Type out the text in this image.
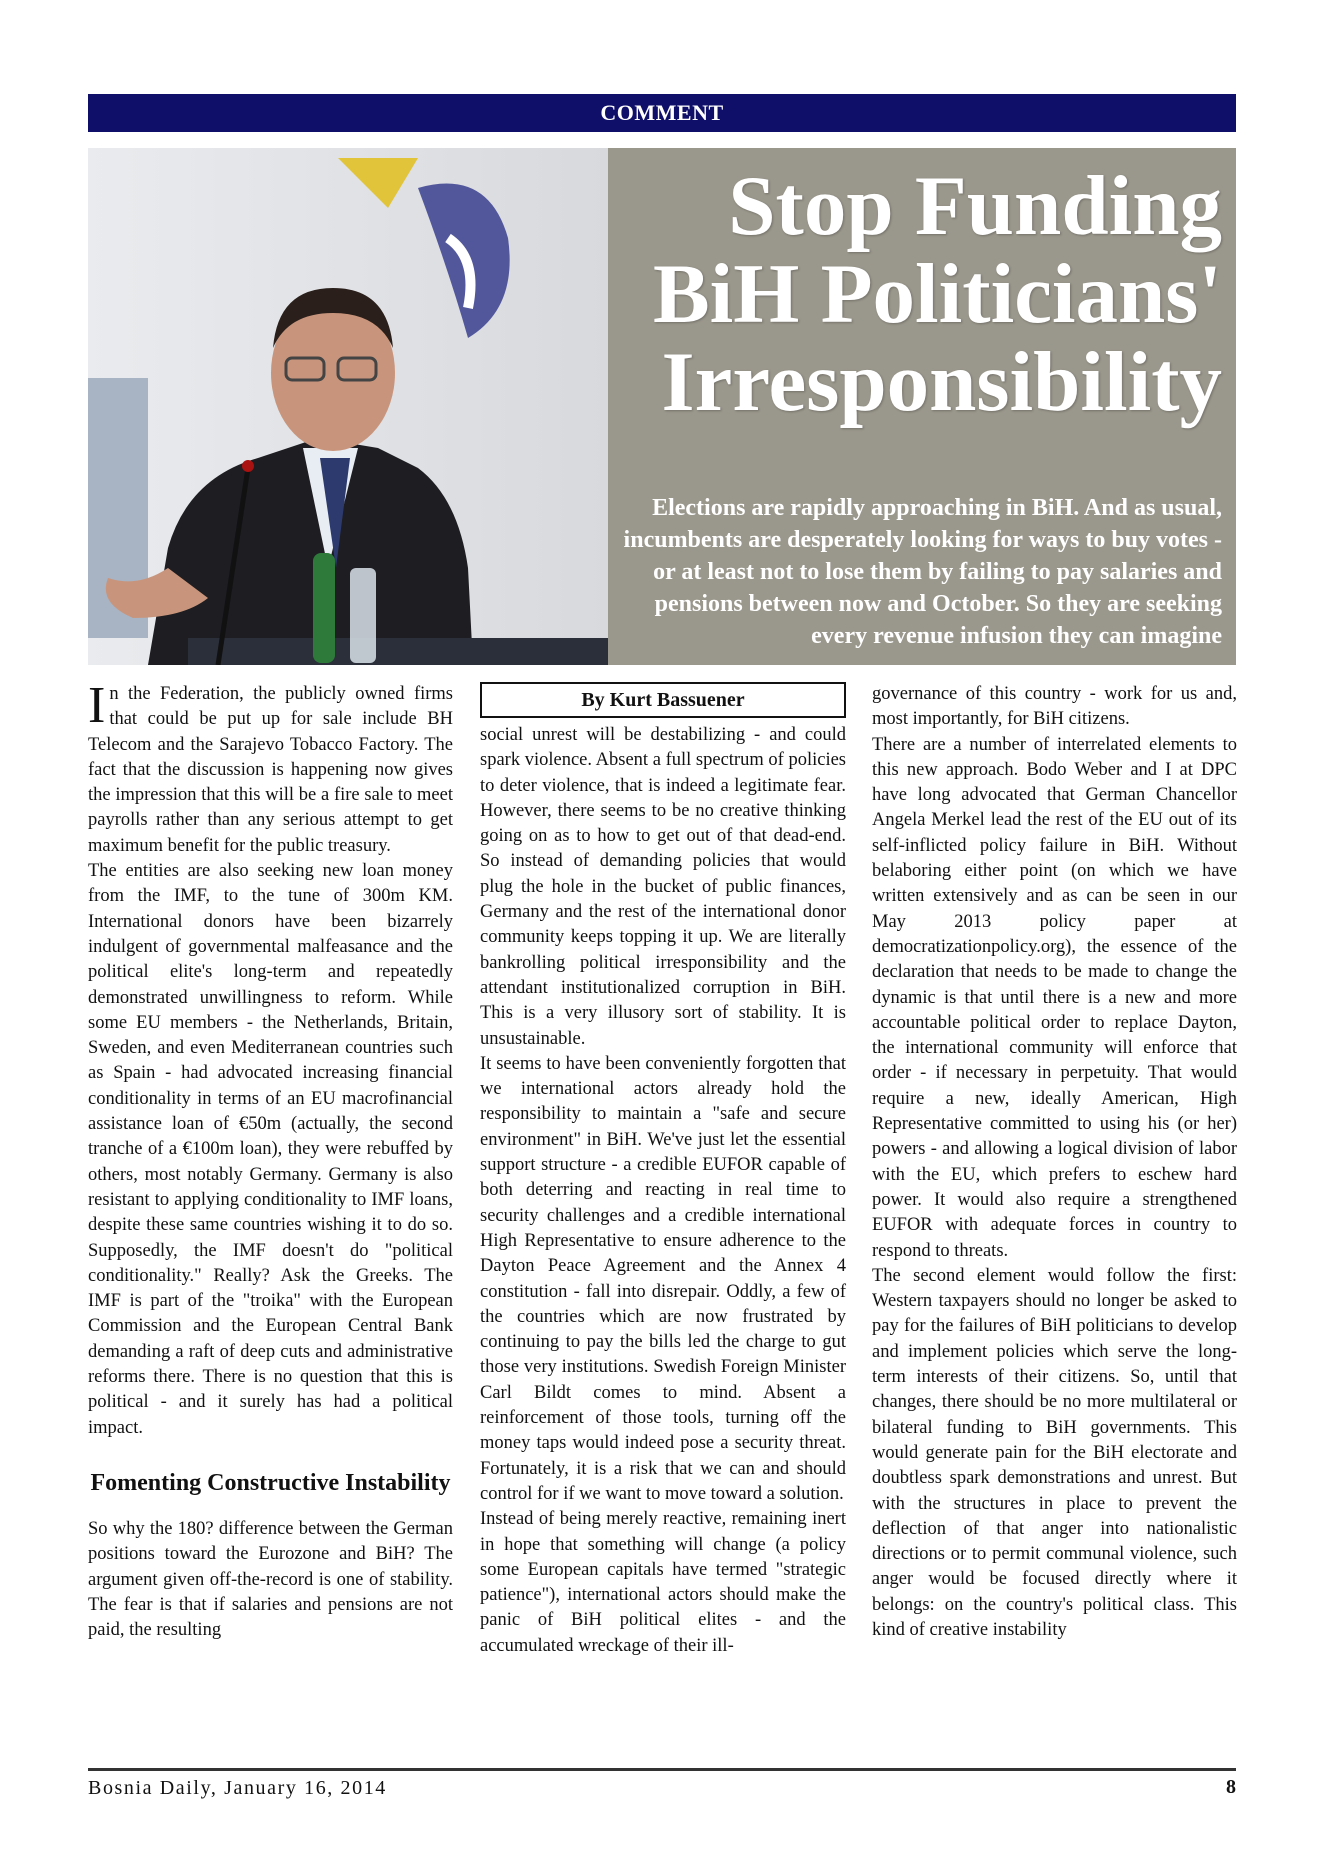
COMMENT
Stop Funding
BiH Politicians'
Irresponsibility
Elections are rapidly approaching in BiH. And as usual,
incumbents are desperately looking for ways to buy votes -
or at least not to lose them by failing to pay salaries and
pensions between now and October. So they are seeking
every revenue infusion they can imagine

In the Federation, the publicly owned firms that could be put up for sale include BH Telecom and the Sarajevo Tobacco Factory. The fact that the discussion is happening now gives the impression that this will be a fire sale to meet payrolls rather than any serious attempt to get maximum benefit for the public treasury.

The entities are also seeking new loan money from the IMF, to the tune of 300m KM. International donors have been bizarrely indulgent of governmental malfeasance and the political elite's long-term and repeatedly demonstrated unwillingness to reform. While some EU members - the Netherlands, Britain, Sweden, and even Mediterranean countries such as Spain - had advocated increasing financial conditionality in terms of an EU macrofinancial assistance loan of €50m (actually, the second tranche of a €100m loan), they were rebuffed by others, most notably Germany. Germany is also resistant to applying conditionality to IMF loans, despite these same countries wishing it to do so. Supposedly, the IMF doesn't do "political conditionality." Really? Ask the Greeks. The IMF is part of the "troika" with the European Commission and the European Central Bank demanding a raft of deep cuts and administrative reforms there. There is no question that this is political - and it surely has had a political impact.

Fomenting Constructive Instability

So why the 180? difference between the German positions toward the Eurozone and BiH? The argument given off-the-record is one of stability. The fear is that if salaries and pensions are not paid, the resulting

By Kurt Bassuener

social unrest will be destabilizing - and could spark violence. Absent a full spectrum of policies to deter violence, that is indeed a legitimate fear. However, there seems to be no creative thinking going on as to how to get out of that dead-end. So instead of demanding policies that would plug the hole in the bucket of public finances, Germany and the rest of the international donor community keeps topping it up. We are literally bankrolling political irresponsibility and the attendant institutionalized corruption in BiH. This is a very illusory sort of stability. It is unsustainable.

It seems to have been conveniently forgotten that we international actors already hold the responsibility to maintain a "safe and secure environment" in BiH. We've just let the essential support structure - a credible EUFOR capable of both deterring and reacting in real time to security challenges and a credible international High Representative to ensure adherence to the Dayton Peace Agreement and the Annex 4 constitution - fall into disrepair. Oddly, a few of the countries which are now frustrated by continuing to pay the bills led the charge to gut those very institutions. Swedish Foreign Minister Carl Bildt comes to mind. Absent a reinforcement of those tools, turning off the money taps would indeed pose a security threat. Fortunately, it is a risk that we can and should control for if we want to move toward a solution.

Instead of being merely reactive, remaining inert in hope that something will change (a policy some European capitals have termed "strategic patience"), international actors should make the panic of BiH political elites - and the accumulated wreckage of their ill-

governance of this country - work for us and, most importantly, for BiH citizens.

There are a number of interrelated elements to this new approach. Bodo Weber and I at DPC have long advocated that German Chancellor Angela Merkel lead the rest of the EU out of its self-inflicted policy failure in BiH. Without belaboring either point (on which we have written extensively and as can be seen in our May 2013 policy paper at democratizationpolicy.org), the essence of the declaration that needs to be made to change the dynamic is that until there is a new and more accountable political order to replace Dayton, the international community will enforce that order - if necessary in perpetuity. That would require a new, ideally American, High Representative committed to using his (or her) powers - and allowing a logical division of labor with the EU, which prefers to eschew hard power. It would also require a strengthened EUFOR with adequate forces in country to respond to threats.

The second element would follow the first: Western taxpayers should no longer be asked to pay for the failures of BiH politicians to develop and implement policies which serve the long-term interests of their citizens. So, until that changes, there should be no more multilateral or bilateral funding to BiH governments. This would generate pain for the BiH electorate and doubtless spark demonstrations and unrest. But with the structures in place to prevent the deflection of that anger into nationalistic directions or to permit communal violence, such anger would be focused directly where it belongs: on the country's political class. This kind of creative instability

Bosnia Daily, January 16, 2014	8
